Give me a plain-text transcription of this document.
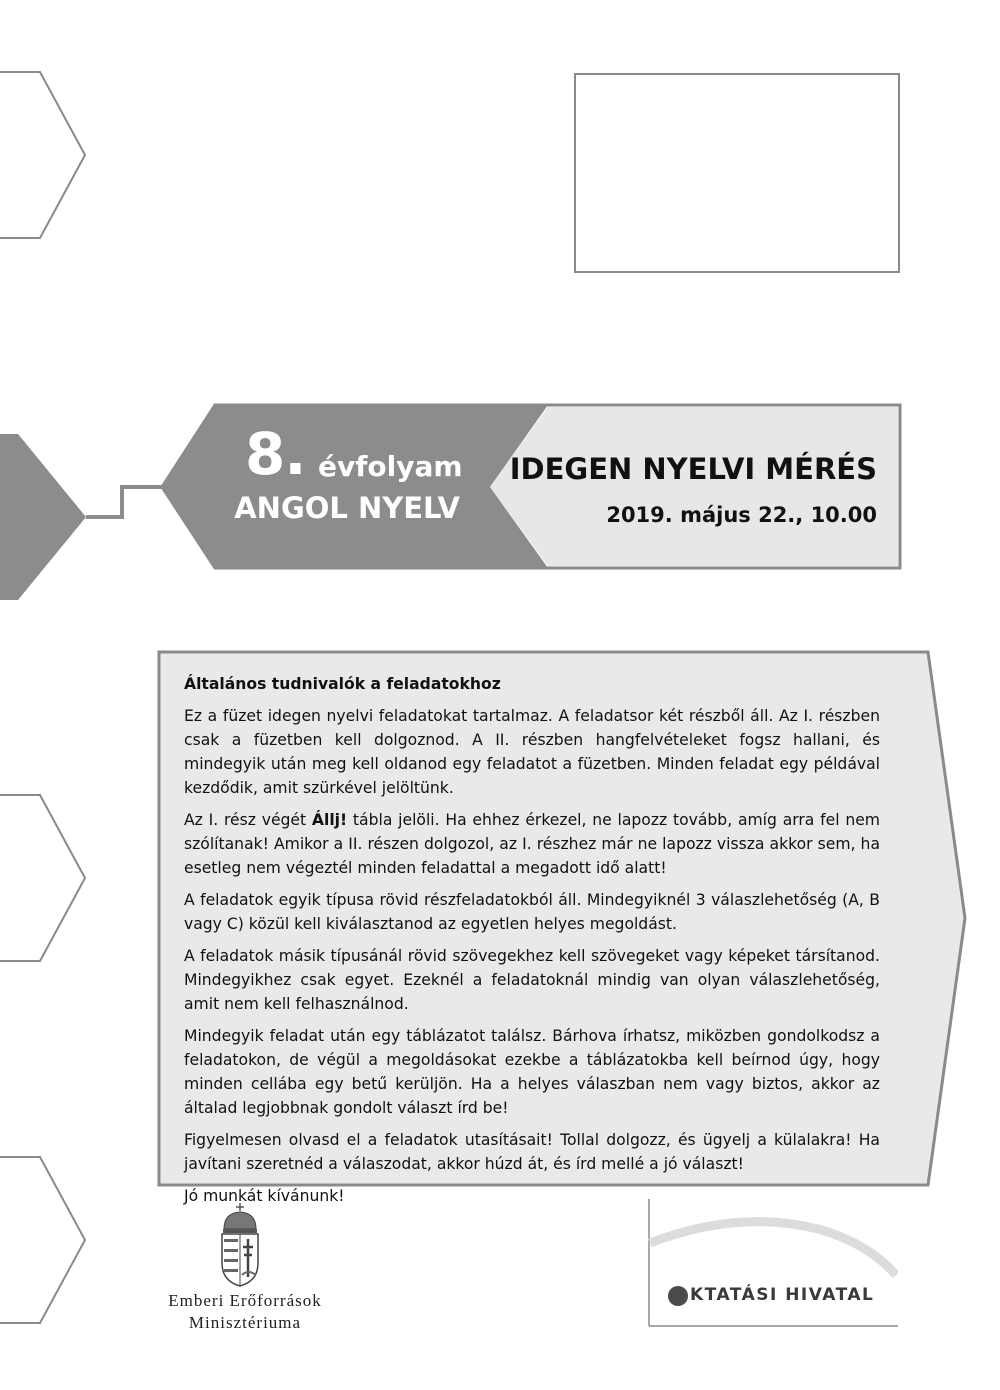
8. évfolyam
ANGOL NYELV
IDEGEN NYELVI MÉRÉS
2019. május 22., 10.00
Általános tudnivalók a feladatokhoz

Ez a füzet idegen nyelvi feladatokat tartalmaz. A feladatsor két részből áll. Az I. részben csak a füzetben kell dolgoznod. A II. részben hangfelvételeket fogsz hallani, és mindegyik után meg kell oldanod egy feladatot a füzetben. Minden feladat egy példával kezdődik, amit szürkével jelöltünk.

Az I. rész végét Állj! tábla jelöli. Ha ehhez érkezel, ne lapozz tovább, amíg arra fel nem szólítanak! Amikor a II. részen dolgozol, az I. részhez már ne lapozz vissza akkor sem, ha esetleg nem végeztél minden feladattal a megadott idő alatt!

A feladatok egyik típusa rövid részfeladatokból áll. Mindegyiknél 3 válaszlehetőség (A, B vagy C) közül kell kiválasztanod az egyetlen helyes megoldást.

A feladatok másik típusánál rövid szövegekhez kell szövegeket vagy képeket társítanod. Mindegyikhez csak egyet. Ezeknél a feladatoknál mindig van olyan válaszlehetőség, amit nem kell felhasználnod.

Mindegyik feladat után egy táblázatot találsz. Bárhova írhatsz, miközben gondolkodsz a feladatokon, de végül a megoldásokat ezekbe a táblázatokba kell beírnod úgy, hogy minden cellába egy betű kerüljön. Ha a helyes válaszban nem vagy biztos, akkor az általad legjobbnak gondolt választ írd be!

Figyelmesen olvasd el a feladatok utasításait! Tollal dolgozz, és ügyelj a külalakra! Ha javítani szeretnéd a válaszodat, akkor húzd át, és írd mellé a jó választ!

Jó munkát kívánunk!

Emberi Erőforrások
Minisztériuma
KTATÁSI HIVATAL
